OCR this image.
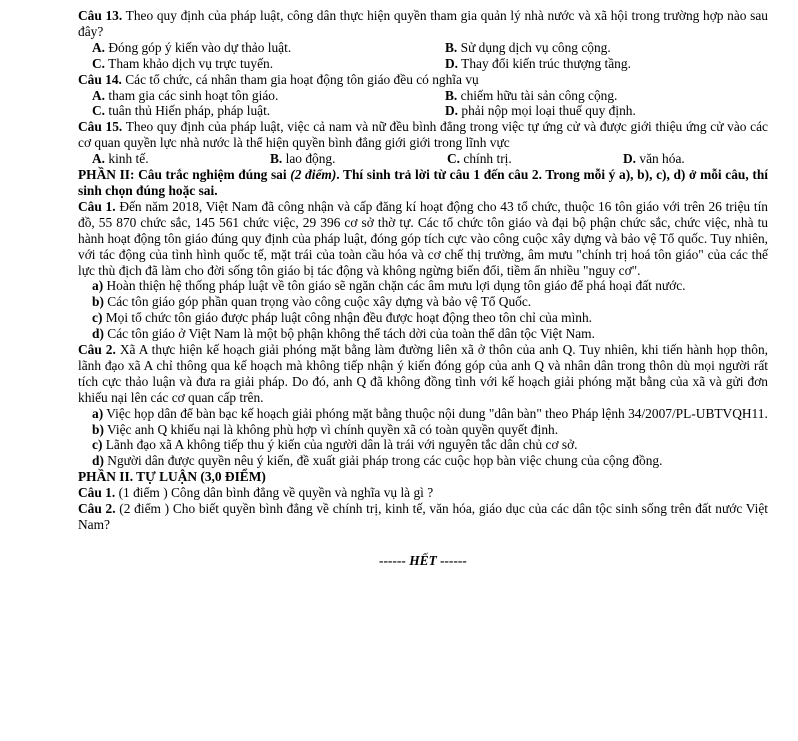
Câu 13. Theo quy định của pháp luật, công dân thực hiện quyền tham gia quản lý nhà nước và xã hội trong trường hợp nào sau đây?
A. Đóng góp ý kiến vào dự thảo luật.	B. Sử dụng dịch vụ công cộng.
C. Tham khảo dịch vụ trực tuyến.	D. Thay đổi kiến trúc thượng tầng.
Câu 14. Các tổ chức, cá nhân tham gia hoạt động tôn giáo đều có nghĩa vụ
A. tham gia các sinh hoạt tôn giáo.	B. chiếm hữu tài sản công cộng.
C. tuân thủ Hiến pháp, pháp luật.	D. phải nộp mọi loại thuế quy định.
Câu 15. Theo quy định của pháp luật, việc cả nam và nữ đều bình đẳng trong việc tự ứng cử và được giới thiệu ứng cử vào các cơ quan quyền lực nhà nước là thể hiện quyền bình đẳng giới giới trong lĩnh vực
A. kinh tế.	B. lao động.	C. chính trị.	D. văn hóa.
PHẦN II: Câu trắc nghiệm đúng sai (2 điểm). Thí sinh trả lời từ câu 1 đến câu 2. Trong mỗi ý a), b), c), d) ở mỗi câu, thí sinh chọn đúng hoặc sai.
Câu 1. Đến năm 2018, Việt Nam đã công nhận và cấp đăng kí hoạt động cho 43 tổ chức, thuộc 16 tôn giáo với trên 26 triệu tín đồ, 55 870 chức sắc, 145 561 chức việc, 29 396 cơ sở thờ tự. Các tổ chức tôn giáo và đại bộ phận chức sắc, chức việc, nhà tu hành hoạt động tôn giáo đúng quy định của pháp luật, đóng góp tích cực vào công cuộc xây dựng và bảo vệ Tổ quốc. Tuy nhiên, với tác động của tình hình quốc tế, mặt trái của toàn cầu hóa và cơ chế thị trường, âm mưu "chính trị hoá tôn giáo" của các thế lực thù địch đã làm cho đời sống tôn giáo bị tác động và không ngừng biến đổi, tiềm ẩn nhiều "nguy cơ".
a) Hoàn thiện hệ thống pháp luật về tôn giáo sẽ ngăn chặn các âm mưu lợi dụng tôn giáo để phá hoại đất nước.
b) Các tôn giáo góp phần quan trọng vào công cuộc xây dựng và bảo vệ Tổ Quốc.
c) Mọi tổ chức tôn giáo được pháp luật công nhận đều được hoạt động theo tôn chỉ của mình.
d) Các tôn giáo ở Việt Nam là một bộ phận không thể tách dời của toàn thể dân tộc Việt Nam.
Câu 2. Xã A thực hiện kế hoạch giải phóng mặt bằng làm đường liên xã ở thôn của anh Q. Tuy nhiên, khi tiến hành họp thôn, lãnh đạo xã A chỉ thông qua kế hoạch mà không tiếp nhận ý kiến đóng góp của anh Q và nhân dân trong thôn dù mọi người rất tích cực thảo luận và đưa ra giải pháp. Do đó, anh Q đã không đồng tình với kế hoạch giải phóng mặt bằng của xã và gửi đơn khiếu nại lên các cơ quan cấp trên.
a) Việc họp dân để bàn bạc kế hoạch giải phóng mặt bằng thuộc nội dung "dân bàn" theo Pháp lệnh 34/2007/PL-UBTVQH11.
b) Việc anh Q khiếu nại là không phù hợp vì chính quyền xã có toàn quyền quyết định.
c) Lãnh đạo xã A không tiếp thu ý kiến của người dân là trái với nguyên tắc dân chủ cơ sở.
d) Người dân được quyền nêu ý kiến, đề xuất giải pháp trong các cuộc họp bàn việc chung của cộng đồng.
PHẦN II. TỰ LUẬN (3,0 ĐIỂM)
Câu 1. (1 điểm ) Công dân bình đẳng về quyền và nghĩa vụ là gì ?
Câu 2. (2 điểm ) Cho biết quyền bình đẳng về chính trị, kinh tế, văn hóa, giáo dục của các dân tộc sinh sống trên đất nước Việt Nam?
------ HẾT ------
